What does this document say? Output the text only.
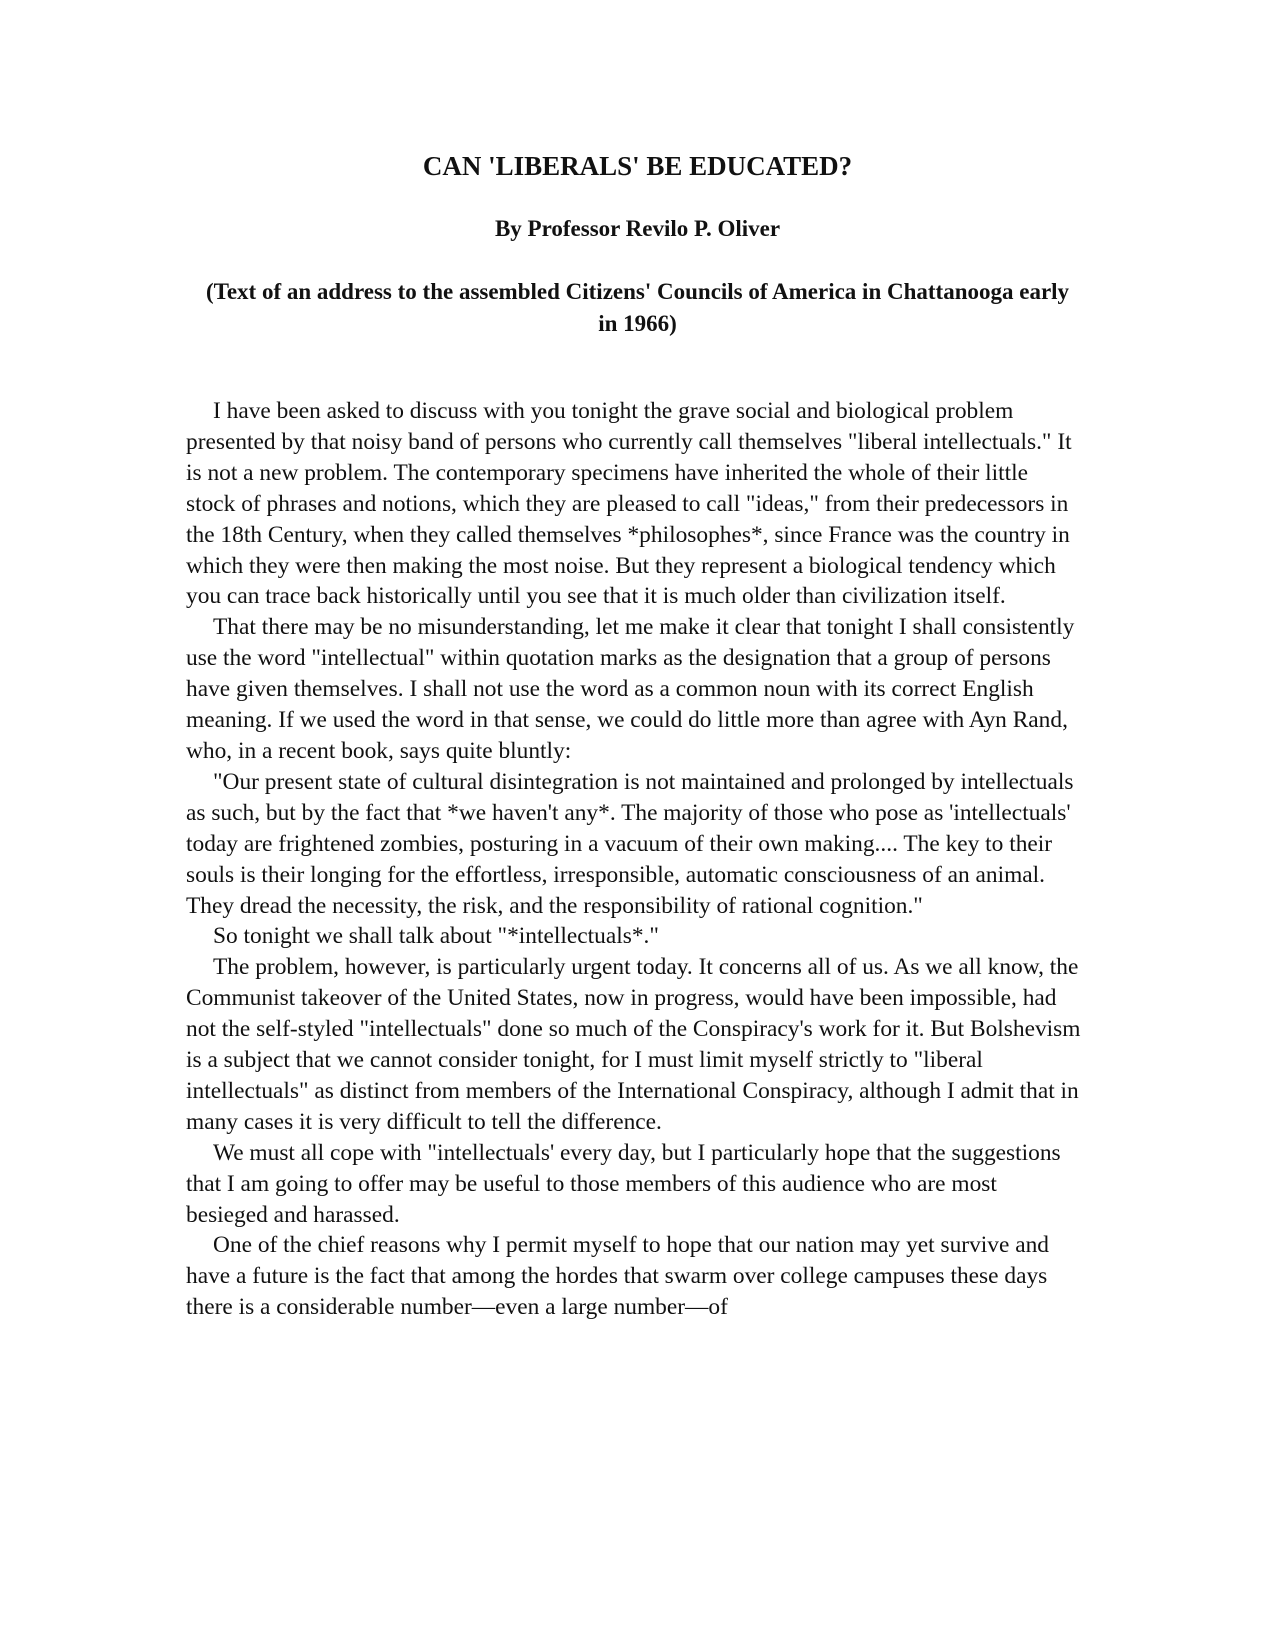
CAN 'LIBERALS' BE EDUCATED?
By Professor Revilo P. Oliver
(Text of an address to the assembled Citizens' Councils of America in Chattanooga early in 1966)

I have been asked to discuss with you tonight the grave social and biological problem presented by that noisy band of persons who currently call themselves "liberal intellectuals." It is not a new problem. The contemporary specimens have inherited the whole of their little stock of phrases and notions, which they are pleased to call "ideas," from their predecessors in the 18th Century, when they called themselves *philosophes*, since France was the country in which they were then making the most noise. But they represent a biological tendency which you can trace back historically until you see that it is much older than civilization itself.

That there may be no misunderstanding, let me make it clear that tonight I shall consistently use the word "intellectual" within quotation marks as the designation that a group of persons have given themselves. I shall not use the word as a common noun with its correct English meaning. If we used the word in that sense, we could do little more than agree with Ayn Rand, who, in a recent book, says quite bluntly:

"Our present state of cultural disintegration is not maintained and prolonged by intellectuals as such, but by the fact that *we haven't any*. The majority of those who pose as 'intellectuals' today are frightened zombies, posturing in a vacuum of their own making.... The key to their souls is their longing for the effortless, irresponsible, automatic consciousness of an animal. They dread the necessity, the risk, and the responsibility of rational cognition."

So tonight we shall talk about "*intellectuals*."

The problem, however, is particularly urgent today. It concerns all of us. As we all know, the Communist takeover of the United States, now in progress, would have been impossible, had not the self-styled "intellectuals" done so much of the Conspiracy's work for it. But Bolshevism is a subject that we cannot consider tonight, for I must limit myself strictly to "liberal intellectuals" as distinct from members of the International Conspiracy, although I admit that in many cases it is very difficult to tell the difference.

We must all cope with "intellectuals' every day, but I particularly hope that the suggestions that I am going to offer may be useful to those members of this audience who are most besieged and harassed.

One of the chief reasons why I permit myself to hope that our nation may yet survive and have a future is the fact that among the hordes that swarm over college campuses these days there is a considerable number—even a large number—of
